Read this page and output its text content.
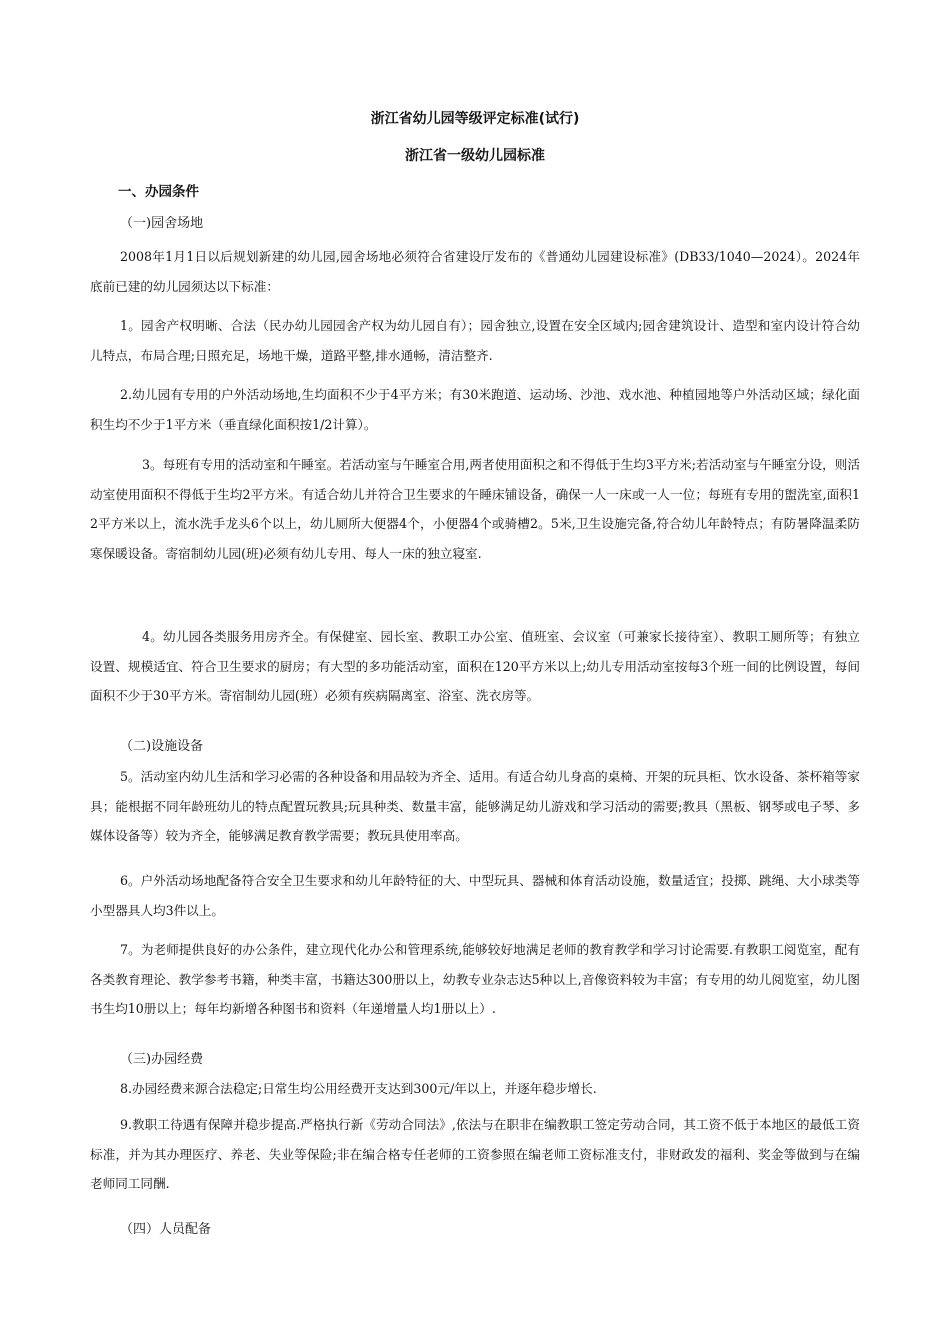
浙江省幼儿园等级评定标准(试行)
浙江省一级幼儿园标准
一、办园条件
（一)园舍场地
2008年1月1日以后规划新建的幼儿园,园舍场地必须符合省建设厅发布的《普通幼儿园建设标准》(DB33/1040—2024）。2024年底前已建的幼儿园须达以下标准：
1。园舍产权明晰、合法（民办幼儿园园舍产权为幼儿园自有）；园舍独立,设置在安全区域内;园舍建筑设计、造型和室内设计符合幼儿特点，布局合理;日照充足，场地干燥，道路平整,排水通畅，清洁整齐.
2.幼儿园有专用的户外活动场地,生均面积不少于4平方米；有30米跑道、运动场、沙池、戏水池、种植园地等户外活动区域；绿化面积生均不少于1平方米（垂直绿化面积按1/2计算）。
3。每班有专用的活动室和午睡室。若活动室与午睡室合用,两者使用面积之和不得低于生均3平方米;若活动室与午睡室分设，则活动室使用面积不得低于生均2平方米。有适合幼儿并符合卫生要求的午睡床铺设备，确保一人一床或一人一位；每班有专用的盥洗室,面积12平方米以上，流水洗手龙头6个以上，幼儿厕所大便器4个，小便器4个或骑槽2。5米,卫生设施完备,符合幼儿年龄特点；有防暑降温柔防寒保暖设备。寄宿制幼儿园(班)必须有幼儿专用、每人一床的独立寝室.
4。幼儿园各类服务用房齐全。有保健室、园长室、教职工办公室、值班室、会议室（可兼家长接待室）、教职工厕所等；有独立设置、规模适宜、符合卫生要求的厨房；有大型的多功能活动室，面积在120平方米以上;幼儿专用活动室按每3个班一间的比例设置，每间面积不少于30平方米。寄宿制幼儿园(班）必须有疾病隔离室、浴室、洗衣房等。
（二)设施设备
5。活动室内幼儿生活和学习必需的各种设备和用品较为齐全、适用。有适合幼儿身高的桌椅、开架的玩具柜、饮水设备、茶杯箱等家具；能根据不同年龄班幼儿的特点配置玩教具;玩具种类、数量丰富，能够满足幼儿游戏和学习活动的需要;教具（黑板、钢琴或电子琴、多媒体设备等）较为齐全，能够满足教育教学需要；教玩具使用率高。
6。户外活动场地配备符合安全卫生要求和幼儿年龄特征的大、中型玩具、器械和体育活动设施，数量适宜；投掷、跳绳、大小球类等小型器具人均3件以上。
7。为老师提供良好的办公条件，建立现代化办公和管理系统,能够较好地满足老师的教育教学和学习讨论需要.有教职工阅览室，配有各类教育理论、教学参考书籍，种类丰富，书籍达300册以上，幼教专业杂志达5种以上,音像资料较为丰富；有专用的幼儿阅览室，幼儿图书生均10册以上；每年均新增各种图书和资料（年递增量人均1册以上）.
（三)办园经费
8.办园经费来源合法稳定;日常生均公用经费开支达到300元/年以上，并逐年稳步增长.
9.教职工待遇有保障并稳步提高.严格执行新《劳动合同法》,依法与在职非在编教职工签定劳动合同，其工资不低于本地区的最低工资标准，并为其办理医疗、养老、失业等保险;非在编合格专任老师的工资参照在编老师工资标准支付，非财政发的福利、奖金等做到与在编老师同工同酬.
（四）人员配备
